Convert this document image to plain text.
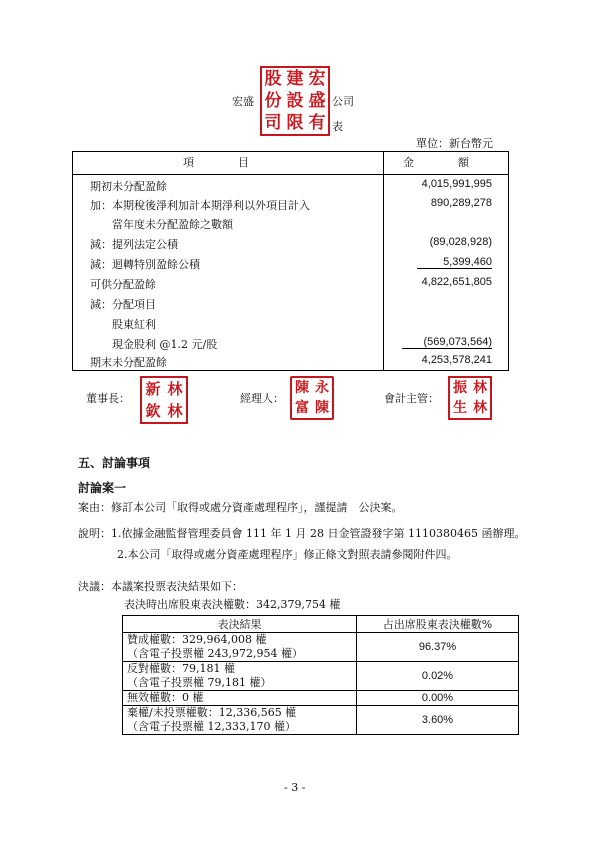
宏盛	公司
表
股 建 宏
份 設 盛
司 限 有
單位：新台幣元
項　　　　目	金　　　　額
期初未分配盈餘	4,015,991,995
加：本期稅後淨利加計本期淨利以外項目計入	890,289,278
　　當年度未分配盈餘之數額
減：提列法定公積	(89,028,928)
減：迴轉特別盈餘公積	5,399,460
可供分配盈餘	4,822,651,805
減：分配項目
　　股東紅利
　　現金股利 @1.2 元/股	(569,073,564)
期末未分配盈餘	4,253,578,241
董事長：
新 林
欽 林
經理人：
陳 永
富 陳
會計主管：
振 林
生 林
五、討論事項
討論案一
案由：修訂本公司「取得或處分資產處理程序」，謹提請　公決案。
說明：1.依據金融監督管理委員會 111 年 1 月 28 日金管證發字第 1110380465 函辦理。
2.本公司「取得或處分資產處理程序」修正條文對照表請參閱附件四。
決議：本議案投票表決結果如下：
表決時出席股東表決權數：342,379,754 權
表決結果	占出席股東表決權數%

贊成權數：329,964,008 權
（含電子投票權 243,972,954 權）	96.37%

反對權數：79,181 權
（含電子投票權 79,181 權）	0.02%

無效權數：0 權	0.00%

棄權/未投票權數：12,336,565 權
（含電子投票權 12,333,170 權）	3.60%
- 3 -
